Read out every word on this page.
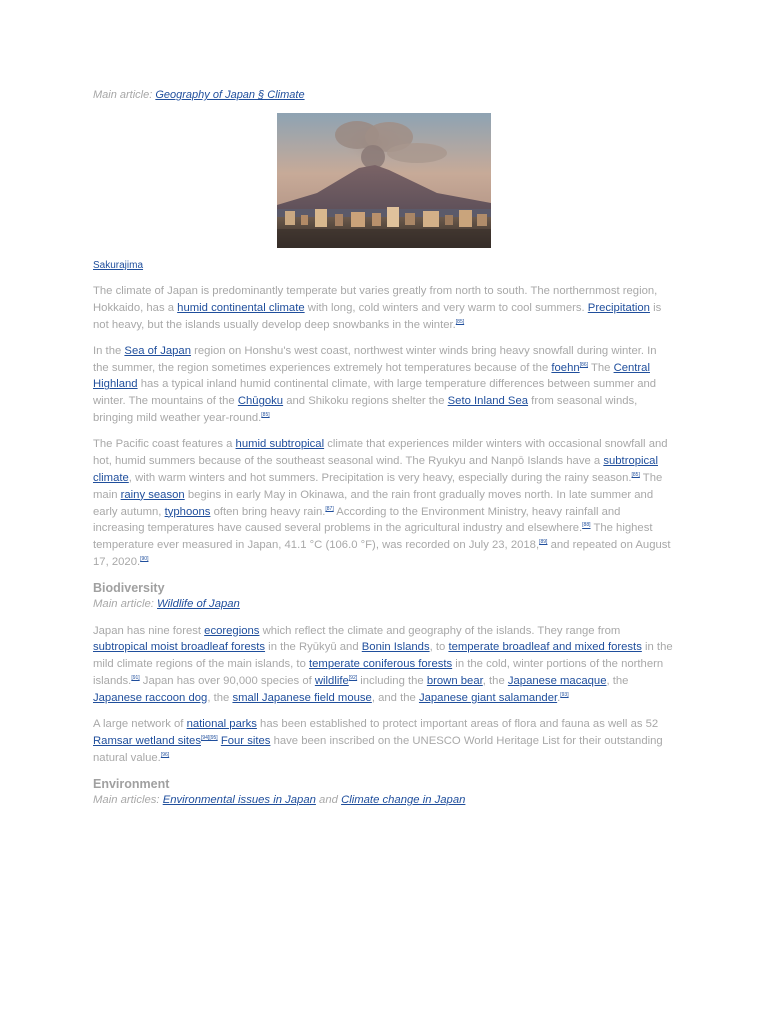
Main article: Geography of Japan § Climate
Sakurajima

The climate of Japan is predominantly temperate but varies greatly from north to south. The northernmost region, Hokkaido, has a humid continental climate with long, cold winters and very warm to cool summers. Precipitation is not heavy, but the islands usually develop deep snowbanks in the winter.[85]

In the Sea of Japan region on Honshu's west coast, northwest winter winds bring heavy snowfall during winter. In the summer, the region sometimes experiences extremely hot temperatures because of the foehn[86] The Central Highland has a typical inland humid continental climate, with large temperature differences between summer and winter. The mountains of the Chūgoku and Shikoku regions shelter the Seto Inland Sea from seasonal winds, bringing mild weather year-round.[85]

The Pacific coast features a humid subtropical climate that experiences milder winters with occasional snowfall and hot, humid summers because of the southeast seasonal wind. The Ryukyu and Nanpō Islands have a subtropical climate, with warm winters and hot summers. Precipitation is very heavy, especially during the rainy season.[85] The main rainy season begins in early May in Okinawa, and the rain front gradually moves north. In late summer and early autumn, typhoons often bring heavy rain.[87] According to the Environment Ministry, heavy rainfall and increasing temperatures have caused several problems in the agricultural industry and elsewhere.[88] The highest temperature ever measured in Japan, 41.1 °C (106.0 °F), was recorded on July 23, 2018,[89] and repeated on August 17, 2020.[90]

Biodiversity
Main article: Wildlife of Japan

Japan has nine forest ecoregions which reflect the climate and geography of the islands. They range from subtropical moist broadleaf forests in the Ryūkyū and Bonin Islands, to temperate broadleaf and mixed forests in the mild climate regions of the main islands, to temperate coniferous forests in the cold, winter portions of the northern islands.[91] Japan has over 90,000 species of wildlife[92] including the brown bear, the Japanese macaque, the Japanese raccoon dog, the small Japanese field mouse, and the Japanese giant salamander.[93]

A large network of national parks has been established to protect important areas of flora and fauna as well as 52 Ramsar wetland sites[94][95] Four sites have been inscribed on the UNESCO World Heritage List for their outstanding natural value.[96]

Environment
Main articles: Environmental issues in Japan and Climate change in Japan
